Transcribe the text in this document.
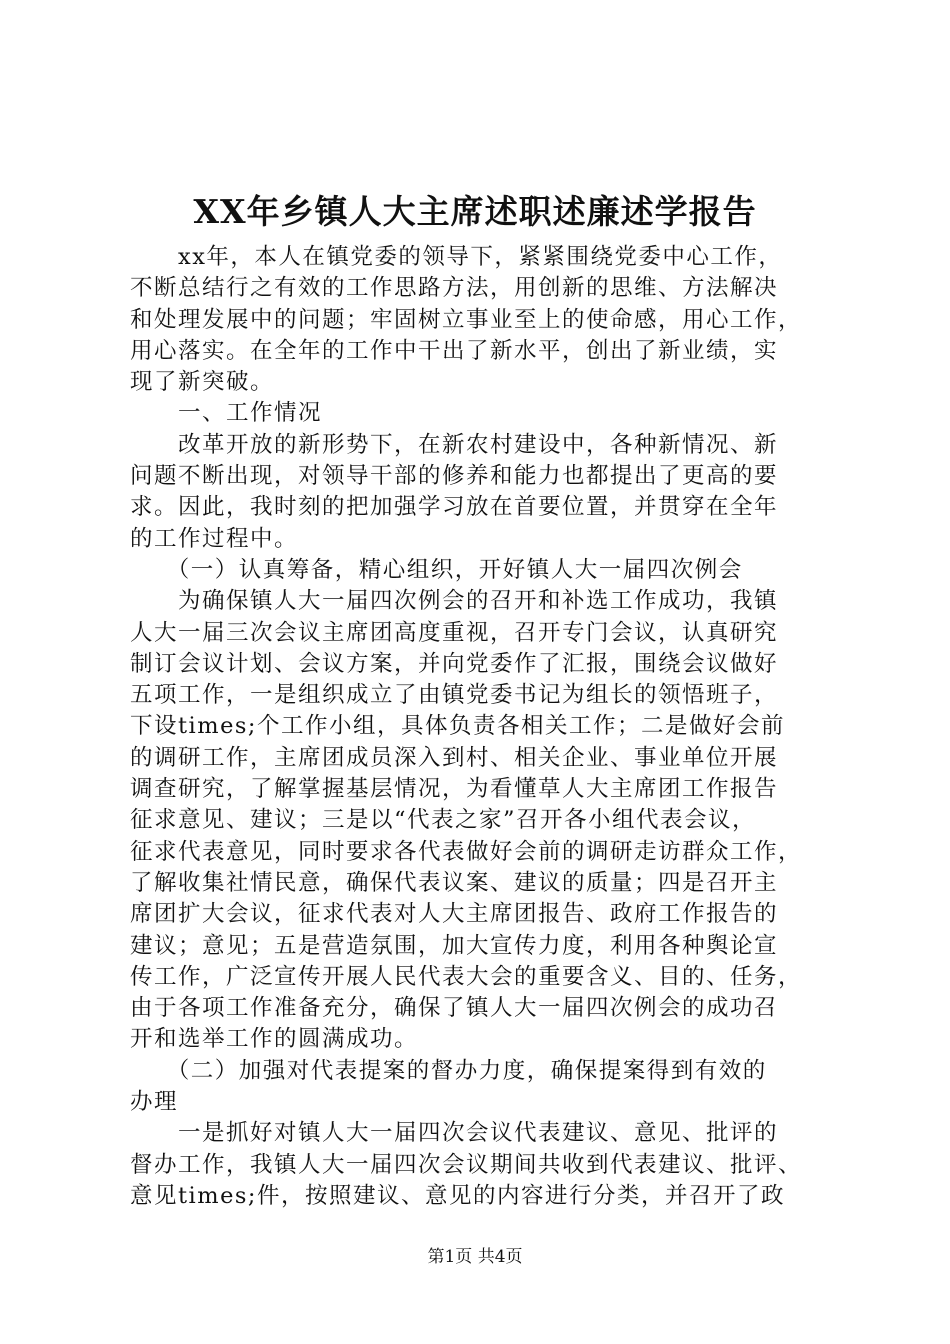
XX年乡镇人大主席述职述廉述学报告
　　xx年，本人在镇党委的领导下，紧紧围绕党委中心工作，
不断总结行之有效的工作思路方法，用创新的思维、方法解决
和处理发展中的问题；牢固树立事业至上的使命感，用心工作，
用心落实。在全年的工作中干出了新水平，创出了新业绩，实
现了新突破。
　　一、工作情况
　　改革开放的新形势下，在新农村建设中，各种新情况、新
问题不断出现，对领导干部的修养和能力也都提出了更高的要
求。因此，我时刻的把加强学习放在首要位置，并贯穿在全年
的工作过程中。
　　（一）认真筹备，精心组织，开好镇人大一届四次例会
　　为确保镇人大一届四次例会的召开和补选工作成功，我镇
人大一届三次会议主席团高度重视，召开专门会议，认真研究
制订会议计划、会议方案，并向党委作了汇报，围绕会议做好
五项工作，一是组织成立了由镇党委书记为组长的领悟班子，
下设times;个工作小组，具体负责各相关工作；二是做好会前
的调研工作，主席团成员深入到村、相关企业、事业单位开展
调查研究，了解掌握基层情况，为看懂草人大主席团工作报告
征求意见、建议；三是以“代表之家”召开各小组代表会议，
征求代表意见，同时要求各代表做好会前的调研走访群众工作，
了解收集社情民意，确保代表议案、建议的质量；四是召开主
席团扩大会议，征求代表对人大主席团报告、政府工作报告的
建议；意见；五是营造氛围，加大宣传力度，利用各种舆论宣
传工作，广泛宣传开展人民代表大会的重要含义、目的、任务，
由于各项工作准备充分，确保了镇人大一届四次例会的成功召
开和选举工作的圆满成功。
　　（二）加强对代表提案的督办力度，确保提案得到有效的
办理
　　一是抓好对镇人大一届四次会议代表建议、意见、批评的
督办工作，我镇人大一届四次会议期间共收到代表建议、批评、
意见times;件，按照建议、意见的内容进行分类，并召开了政
第1页 共4页
